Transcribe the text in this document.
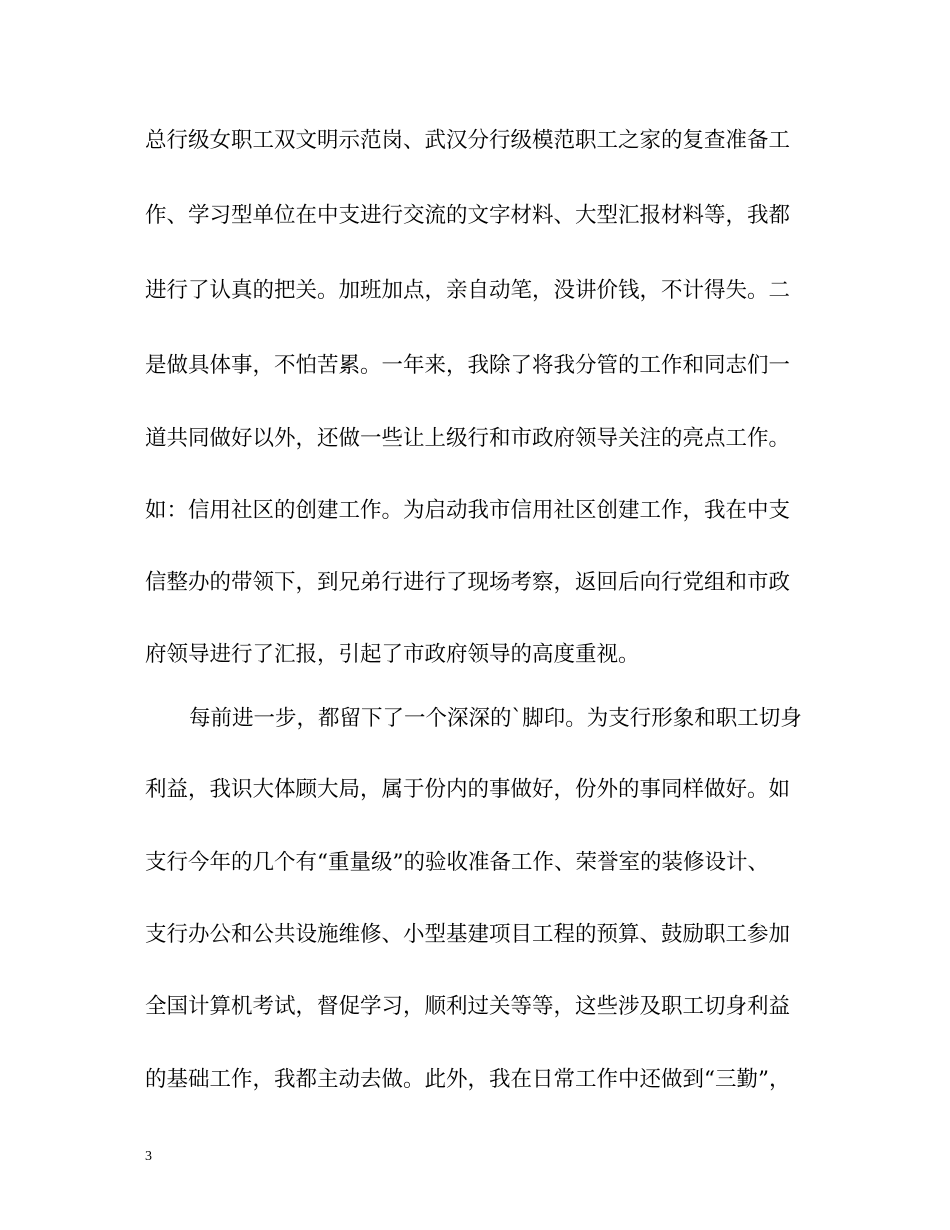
总行级女职工双文明示范岗、武汉分行级模范职工之家的复查准备工
作、学习型单位在中支进行交流的文字材料、大型汇报材料等，我都
进行了认真的把关。加班加点，亲自动笔，没讲价钱，不计得失。二
是做具体事，不怕苦累。一年来，我除了将我分管的工作和同志们一
道共同做好以外，还做一些让上级行和市政府领导关注的亮点工作。
如：信用社区的创建工作。为启动我市信用社区创建工作，我在中支
信整办的带领下，到兄弟行进行了现场考察，返回后向行党组和市政
府领导进行了汇报，引起了市政府领导的高度重视。
每前进一步，都留下了一个深深的`脚印。为支行形象和职工切身
利益，我识大体顾大局，属于份内的事做好，份外的事同样做好。如
支行今年的几个有“重量级”的验收准备工作、荣誉室的装修设计、
支行办公和公共设施维修、小型基建项目工程的预算、鼓励职工参加
全国计算机考试，督促学习，顺利过关等等，这些涉及职工切身利益
的基础工作，我都主动去做。此外，我在日常工作中还做到“三勤”，
3
